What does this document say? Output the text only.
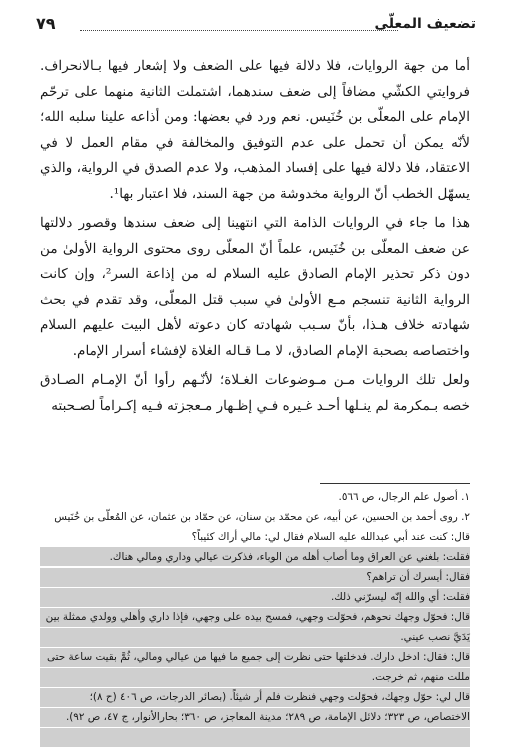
تضعيف المعلّى
٧٩

أما من جهة الروايات، فلا دلالة فيها على الضعف ولا إشعار فيها بـالانحراف. فروايتي الكشّي مضافاً إلى ضعف سندهما، اشتملت الثانية منهما على ترحّم الإمام على المعلّى بن خُنَيس. نعم ورد في بعضها: ومن أذاعه علينا سلبه الله؛ لأنّه يمكن أن تحمل على عدم التوفيق والمخالفة في مقام العمل لا في الاعتقاد، فلا دلالة فيها على إفساد المذهب، ولا عدم الصدق في الرواية، والذي يسهّل الخطب أنّ الرواية مخدوشة من جهة السند، فلا اعتبار بها¹.

هذا ما جاء في الروايات الذامة التي انتهينا إلى ضعف سندها وقصور دلالتها عن ضعف المعلّى بن خُنَيس، علماً أنّ المعلّى روى محتوى الرواية الأولىٰ من دون ذكر تحذير الإمام الصادق عليه السلام له من إذاعة السر²، وإن كانت الرواية الثانية تنسجم مـع الأولىٰ في سبب قتل المعلّى، وقد تقدم في بحث شهادته خلاف هـذا، بأنّ سـبب شهادته كان دعوته لأهل البيت عليهم السلام واختصاصه بصحبة الإمام الصادق، لا مـا قـاله الغلاة لإفشاء أسرار الإمام.

ولعل تلك الروايات مـن مـوضوعات الغـلاة؛ لأنّـهم رأوا أنّ الإمـام الصـادق خصه بـمكرمة لم ينـلها أحـد غـيره فـي إظـهار مـعجزته فـيه إكـراماً لصـحبته

١. أصول علم الرجال، ص ٥٦٦.

٢. روى أحمد بن الحسين، عن أبيه، عن محمّد بن سنان، عن حمّاد بن عثمان، عن المُعلّى بن خُنَيس قال: كنت عند أبي عبدالله عليه السلام فقال لي: مالي أراك كئيباً؟

فقلت: بلغني عن العراق وما أصاب أهله من الوباء، فذكرت عيالي وداري ومالي هناك.

فقال: أيسرك أن تراهم؟

فقلت: أي والله إنّه ليسرّني ذلك.

قال: فحوّل وجهك نحوهم، فحوّلت وجهي، فمسح بيده على وجهي، فإذا داري وأهلي وولدي ممثلة بين يَدَيَّ نصب عيني.

قال: فقال: ادخل دارك. فدخلتها حتى نظرت إلى جميع ما فيها من عيالي ومالي، ثُمَّ بقيت ساعة حتى مللت منهم، ثم خرجت.

قال لي: حوّل وجهك، فحوّلت وجهي فنظرت فلم أر شيئاً. (بصائر الدرجات، ص ٤٠٦ (ح ٨)؛ الاختصاص، ص ٣٢٣؛ دلائل الإمامة، ص ٢٨٩؛ مدينة المعاجز، ص ٣٦٠؛ بحارالأنوار، ج ٤٧، ص ٩٢).
